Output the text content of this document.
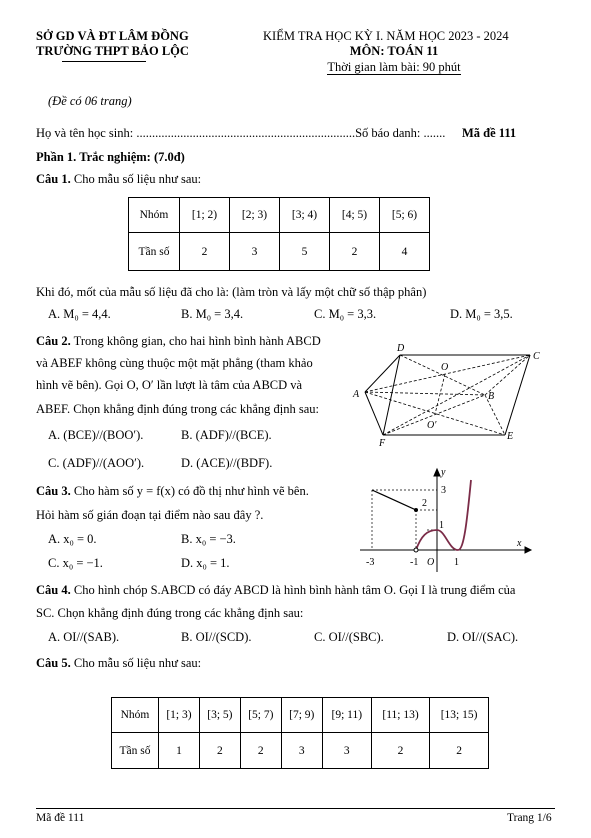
SỞ GD VÀ ĐT LÂM ĐỒNG
TRƯỜNG THPT BẢO LỘC
KIỂM TRA HỌC KỲ I. NĂM HỌC 2023 - 2024
MÔN: TOÁN 11
Thời gian làm bài: 90 phút
(Đề có 06 trang)
Họ và tên học sinh: ......................................................................Số báo danh: ....... Mã đề 111
Phần 1. Trắc nghiệm: (7.0đ)
Câu 1. Cho mẫu số liệu như sau:
Nhóm	[1; 2)	[2; 3)	[3; 4)	[4; 5)	[5; 6)
Tần số	2	3	5	2	4
Khi đó, mốt của mẫu số liệu đã cho là: (làm tròn và lấy một chữ số thập phân)
A. M₀ = 4,4.	B. M₀ = 3,4.	C. M₀ = 3,3.	D. M₀ = 3,5.
Câu 2. Trong không gian, cho hai hình bình hành ABCD
và ABEF không cùng thuộc một mặt phẳng (tham khảo
hình vẽ bên). Gọi O, O′ lần lượt là tâm của ABCD và
ABEF. Chọn khẳng định đúng trong các khẳng định sau:
A. (BCE)//(BOO′).	B. (ADF)//(BCE).
C. (ADF)//(AOO′).	D. (ACE)//(BDF).
D
C
O
A	B
O′
F
E
Câu 3. Cho hàm số y = f(x) có đồ thị như hình vẽ bên.
Hỏi hàm số gián đoạn tại điểm nào sau đây ?.
A. x₀ = 0.	B. x₀ = −3.
C. x₀ = −1.	D. x₀ = 1.
3
2
1
-3	-1 O 1
y
x
Câu 4. Cho hình chóp S.ABCD có đáy ABCD là hình bình hành tâm O. Gọi I là trung điểm của
SC. Chọn khẳng định đúng trong các khẳng định sau:
A. OI//(SAB).	B. OI//(SCD).	C. OI//(SBC).	D. OI//(SAC).
Câu 5. Cho mẫu số liệu như sau:
Nhóm	[1; 3)	[3; 5)	[5; 7)	[7; 9)	[9; 11)	[11; 13)	[13; 15)
Tần số	1	2	2	3	3	2	2
Mã đề 111	Trang 1/6
